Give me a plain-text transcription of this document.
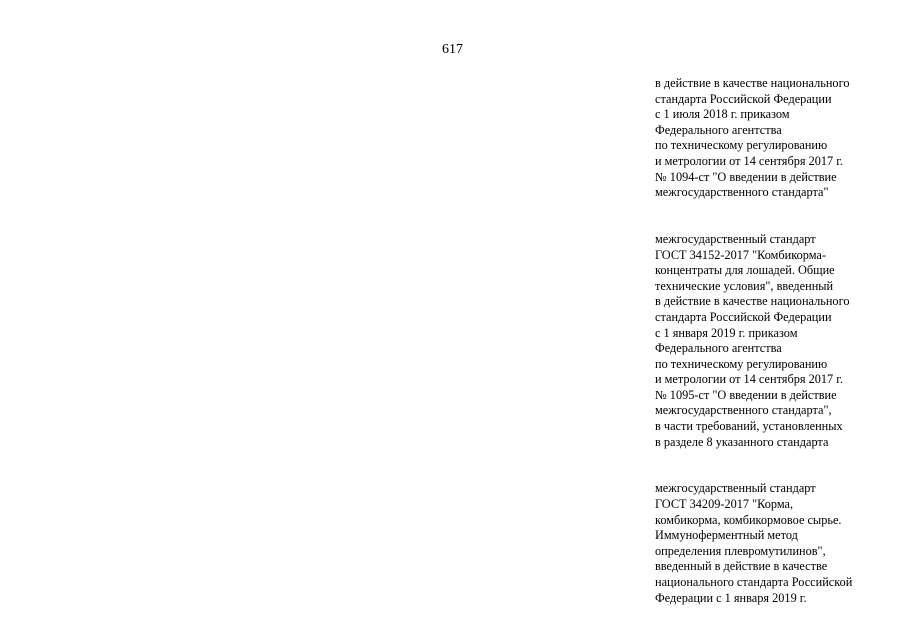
617
в действие в качестве национального
стандарта Российской Федерации
с 1 июля 2018 г. приказом
Федерального агентства
по техническому регулированию
и метрологии от 14 сентября 2017 г.
№ 1094-ст "О введении в действие
межгосударственного стандарта"
межгосударственный стандарт
ГОСТ 34152-2017 "Комбикорма-
концентраты для лошадей. Общие
технические условия", введенный
в действие в качестве национального
стандарта Российской Федерации
с 1 января 2019 г. приказом
Федерального агентства
по техническому регулированию
и метрологии от 14 сентября 2017 г.
№ 1095-ст "О введении в действие
межгосударственного стандарта",
в части требований, установленных
в разделе 8 указанного стандарта
межгосударственный стандарт
ГОСТ 34209-2017 "Корма,
комбикорма, комбикормовое сырье.
Иммуноферментный метод
определения плевромутилинов",
введенный в действие в качестве
национального стандарта Российской
Федерации с 1 января 2019 г.
